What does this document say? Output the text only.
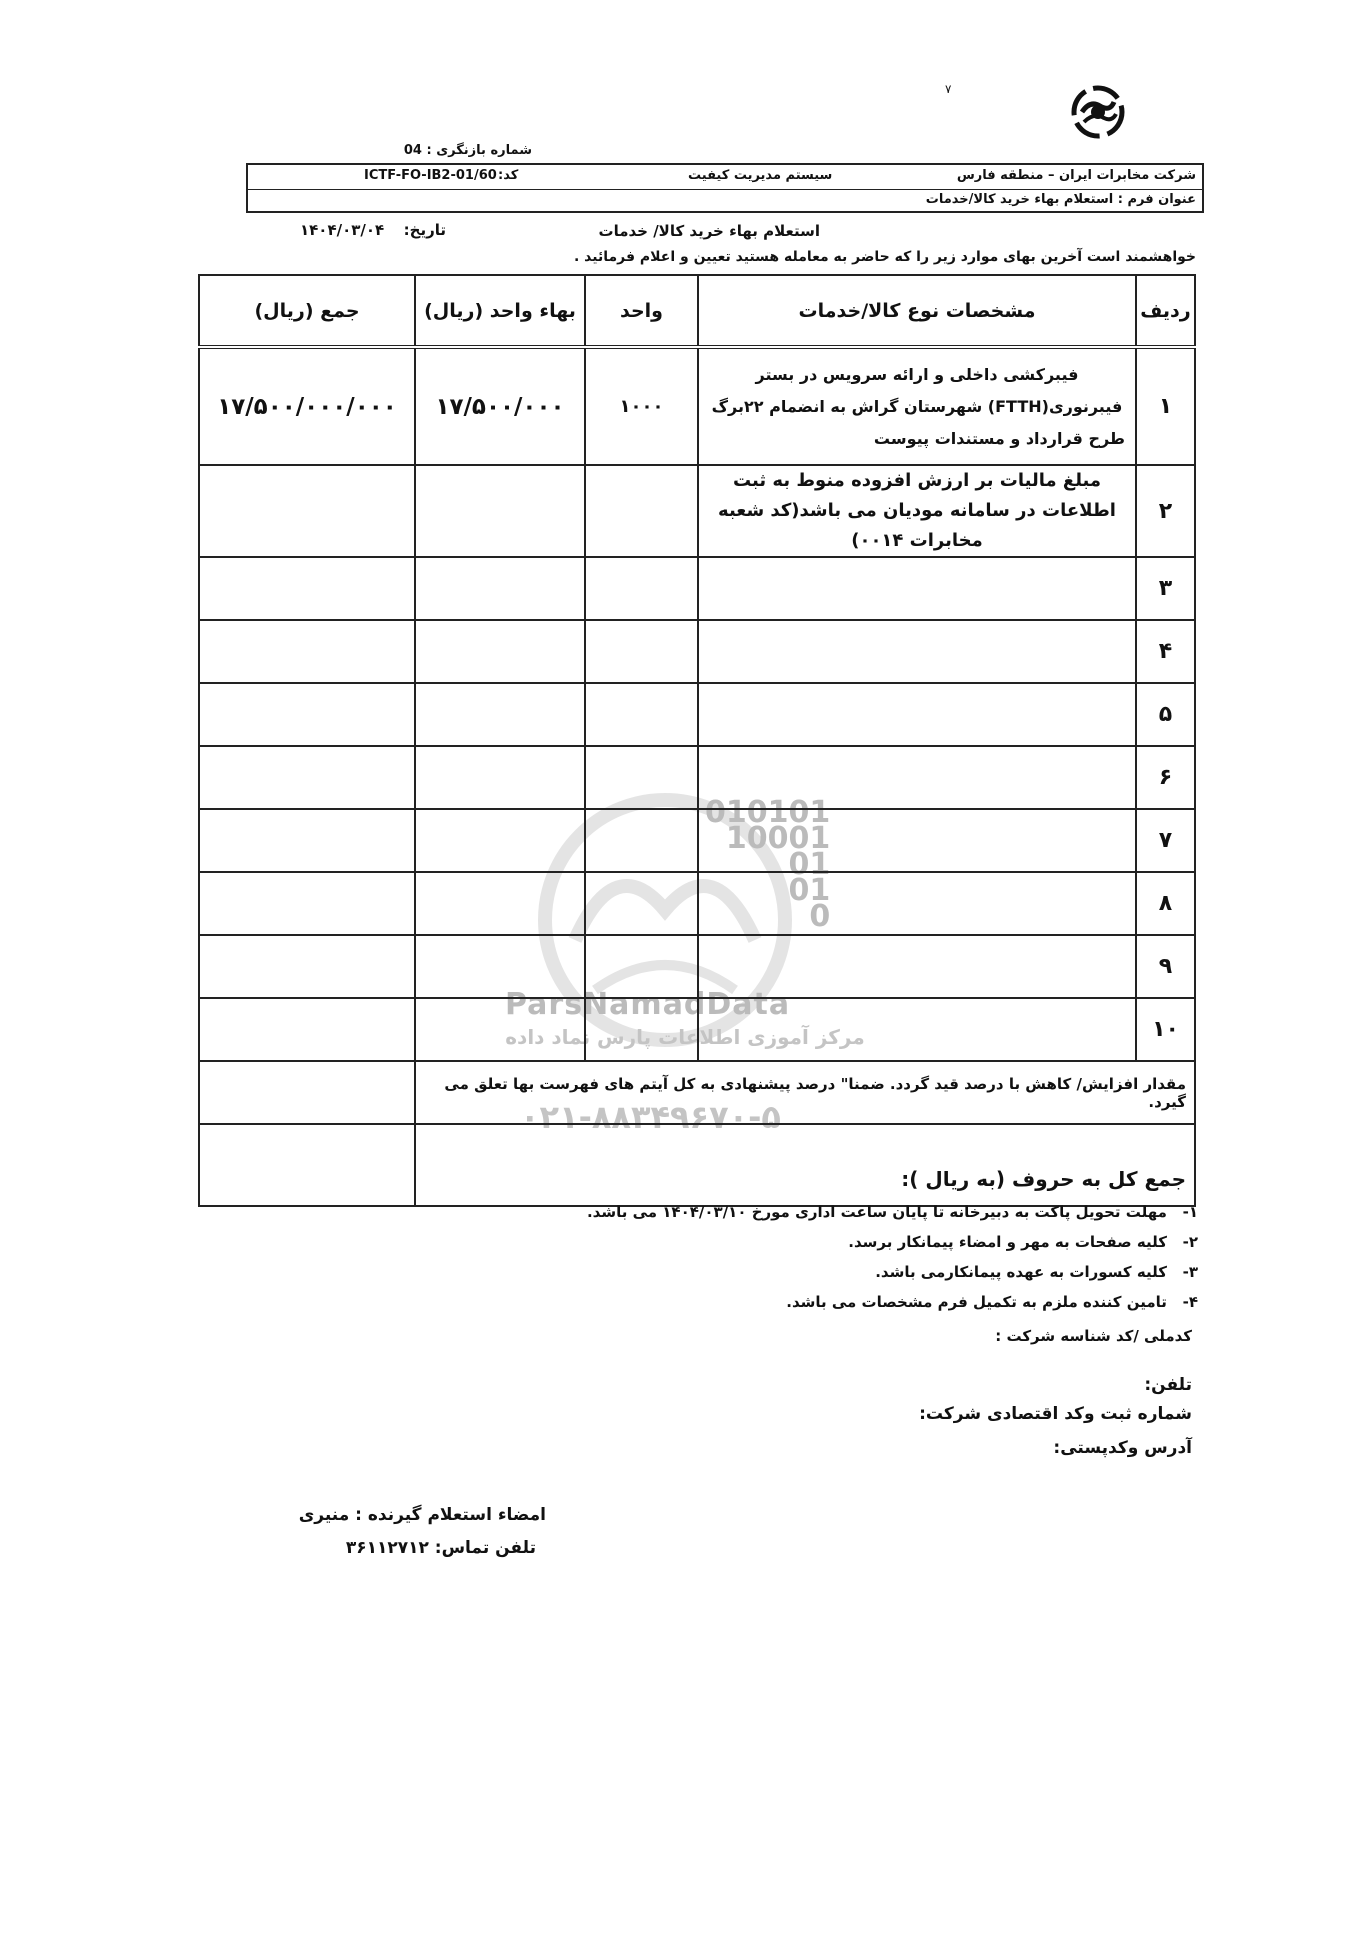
۷
شماره بازنگری : 04
شرکت مخابرات ایران – منطقه فارس
سیستم مدیریت کیفیت
کد:
ICTF-FO-IB2-01/60
عنوان فرم : استعلام بهاء خرید کالا/خدمات
استعلام بهاء خرید کالا/ خدمات
تاریخ:
۱۴۰۴/۰۳/۰۴
خواهشمند است آخرین بهای موارد زیر را که حاضر به معامله هستید تعیین و اعلام فرمائید .
010101
10001
01
01
0
ParsNamadData
مرکز آموزی اطلاعات پارس نماد داده
۰۲۱-۸۸۳۴۹۶۷۰-۵
جمع (ریال)	بهاء واحد (ریال)	واحد	مشخصات نوع کالا/خدمات	ردیف
۱۷/۵۰۰/۰۰۰/۰۰۰	۱۷/۵۰۰/۰۰۰	۱۰۰۰	فیبرکشی داخلی و ارائه سرویس در بستر فیبرنوری(FTTH) شهرستان گراش به انضمام ۲۲برگ طرح قرارداد و مستندات پیوست	۱
			مبلغ مالیات بر ارزش افزوده منوط به ثبت اطلاعات در سامانه مودیان می باشد(کد شعبه مخابرات ۰۰۱۴)	۲
				۳
				۴
				۵
				۶
				۷
				۸
				۹
				۱۰
	مقدار افزایش/ کاهش با درصد قید گردد. ضمنا" درصد پیشنهادی به کل آیتم های فهرست بها تعلق می گیرد.			
	جمع کل به حروف (به ریال ):			
۱-   مهلت تحویل پاکت به دبیرخانه تا پایان ساعت اداری مورخ ۱۴۰۴/۰۳/۱۰ می باشد.
۲-   کلیه صفحات به مهر و امضاء پیمانکار برسد.
۳-   کلیه کسورات به عهده پیمانکارمی باشد.
۴-   تامین کننده ملزم به تکمیل فرم مشخصات می باشد.
کدملی /کد شناسه شرکت :
تلفن:
شماره ثبت وکد اقتصادی شرکت:
آدرس وکدپستی:
امضاء استعلام گیرنده : منیری
تلفن تماس: ۳۶۱۱۲۷۱۲
